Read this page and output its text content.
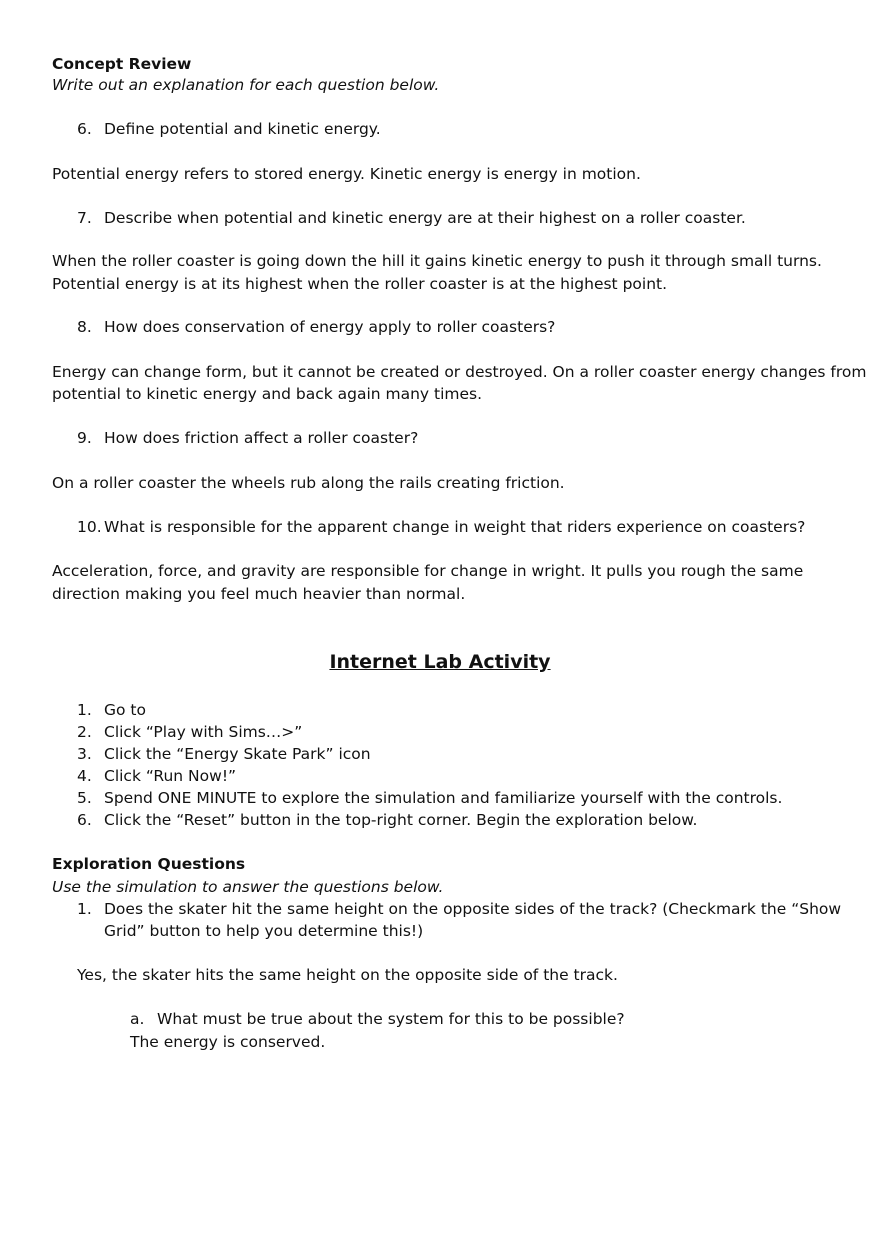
Concept Review
Write out an explanation for each question below.
6. Define potential and kinetic energy.
Potential energy refers to stored energy. Kinetic energy is energy in motion.
7. Describe when potential and kinetic energy are at their highest on a roller coaster.
When the roller coaster is going down the hill it gains kinetic energy to push it through small turns.
Potential energy is at its highest when the roller coaster is at the highest point.
8. How does conservation of energy apply to roller coasters?
Energy can change form, but it cannot be created or destroyed. On a roller coaster energy changes from
potential to kinetic energy and back again many times.
9. How does friction affect a roller coaster?
On a roller coaster the wheels rub along the rails creating friction.
10. What is responsible for the apparent change in weight that riders experience on coasters?
Acceleration, force, and gravity are responsible for change in wright. It pulls you rough the same
direction making you feel much heavier than normal.
Internet Lab Activity
1. Go to
2. Click “Play with Sims…>”
3. Click the “Energy Skate Park” icon
4. Click “Run Now!”
5. Spend ONE MINUTE to explore the simulation and familiarize yourself with the controls.
6. Click the “Reset” button in the top-right corner. Begin the exploration below.
Exploration Questions
Use the simulation to answer the questions below.
1. Does the skater hit the same height on the opposite sides of the track? (Checkmark the “Show
Grid” button to help you determine this!)
Yes, the skater hits the same height on the opposite side of the track.
a. What must be true about the system for this to be possible?
The energy is conserved.
